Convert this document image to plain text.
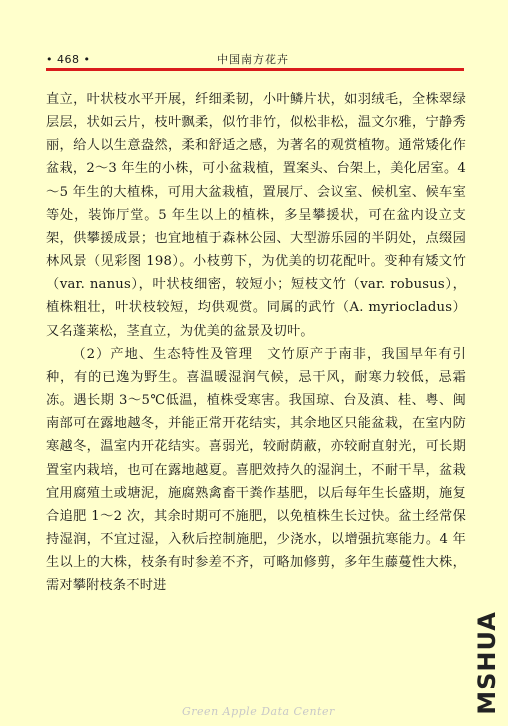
• 468 •	中国南方花卉

直立，叶状枝水平开展，纤细柔韧，小叶鳞片状，如羽绒毛，全株翠绿层层，状如云片，枝叶飘柔，似竹非竹，似松非松，温文尔雅，宁静秀丽，给人以生意盎然，柔和舒适之感，为著名的观赏植物。通常矮化作盆栽，2～3 年生的小株，可小盆栽植，置案头、台架上，美化居室。4～5 年生的大植株，可用大盆栽植，置展厅、会议室、候机室、候车室等处，装饰厅堂。5 年生以上的植株，多呈攀援状，可在盆内设立支架，供攀援成景；也宜地植于森林公园、大型游乐园的半阴处，点缀园林风景（见彩图 198）。小枝剪下，为优美的切花配叶。变种有矮文竹（var. nanus），叶状枝细密，较短小；短枝文竹（var. robusus），植株粗壮，叶状枝较短，均供观赏。同属的武竹（A. myriocladus）又名蓬莱松，茎直立，为优美的盆景及切叶。

（2）产地、生态特性及管理　文竹原产于南非，我国早年有引种，有的已逸为野生。喜温暖湿润气候，忌干风，耐寒力较低，忌霜冻。遇长期 3～5℃低温，植株受寒害。我国琼、台及滇、桂、粤、闽南部可在露地越冬，并能正常开花结实，其余地区只能盆栽，在室内防寒越冬，温室内开花结实。喜弱光，较耐荫蔽，亦较耐直射光，可长期置室内栽培，也可在露地越夏。喜肥效持久的湿润土，不耐干旱，盆栽宜用腐殖土或塘泥，施腐熟禽畜干粪作基肥，以后每年生长盛期，施复合追肥 1～2 次，其余时期可不施肥，以免植株生长过快。盆土经常保持湿润，不宜过湿，入秋后控制施肥，少浇水，以增强抗寒能力。4 年生以上的大株，枝条有时参差不齐，可略加修剪，多年生藤蔓性大株，需对攀附枝条不时进

Green Apple Data Center	MSHUA
